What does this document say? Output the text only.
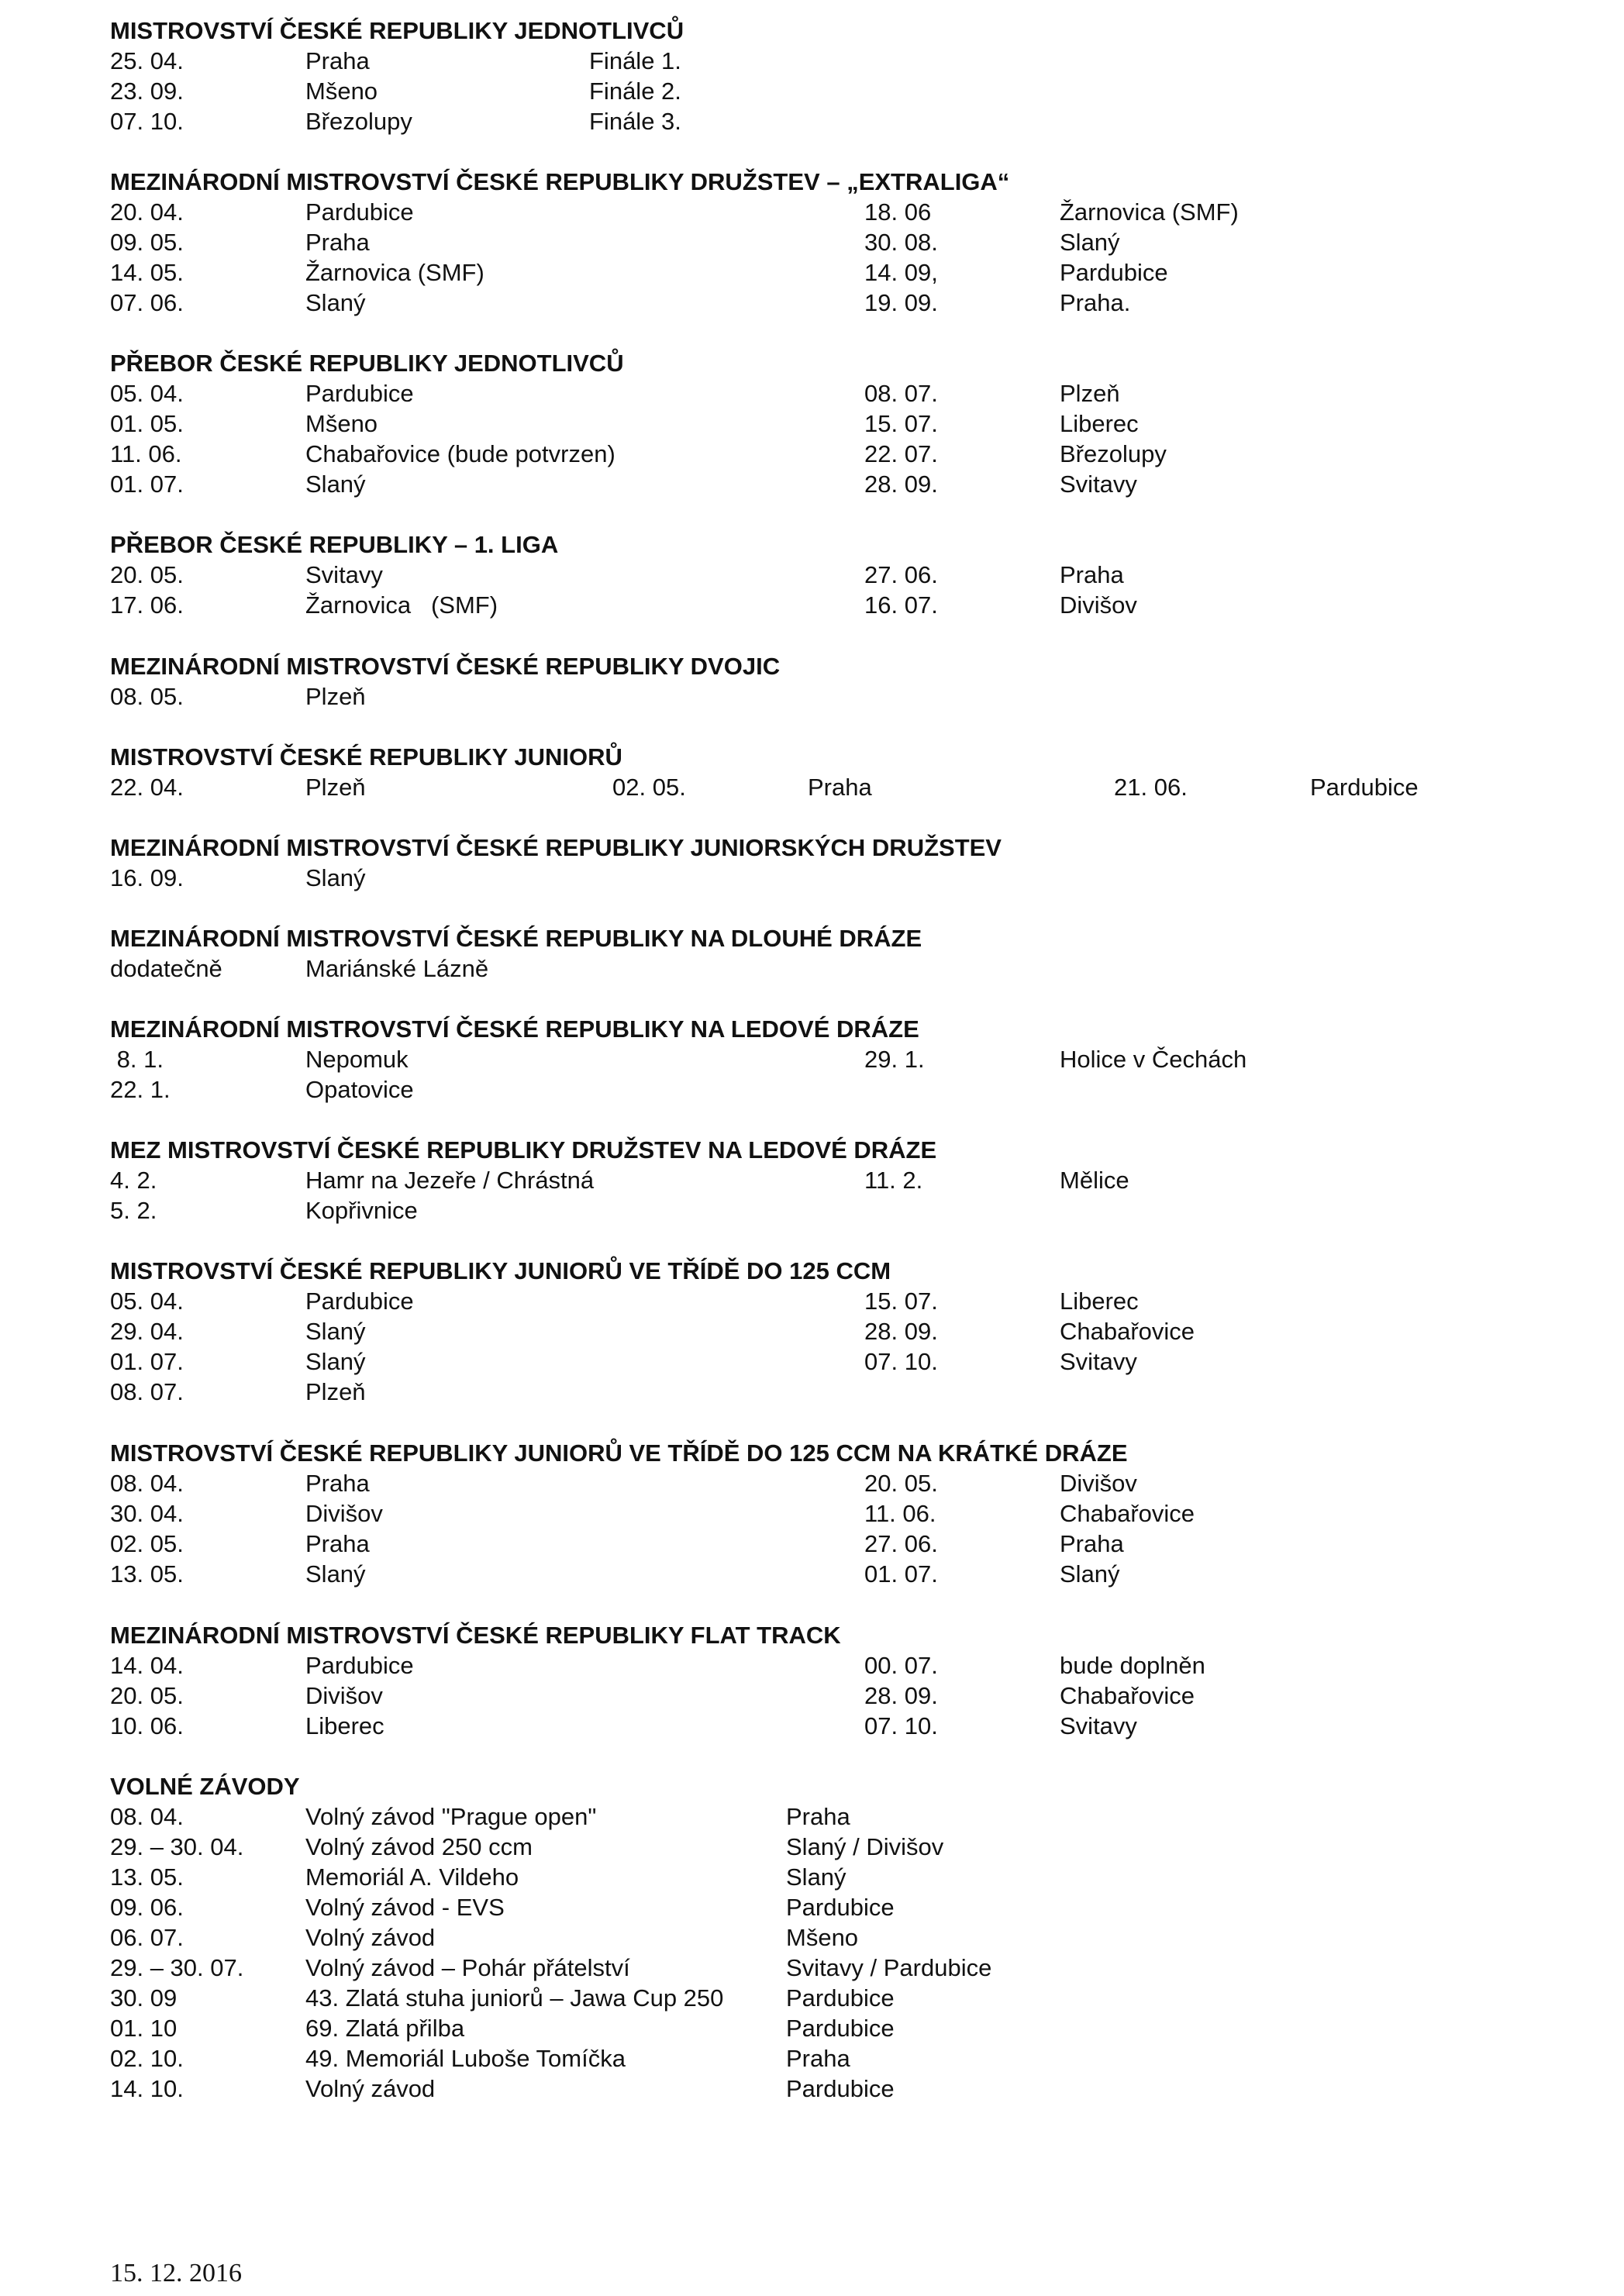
MISTROVSTVÍ ČESKÉ REPUBLIKY JEDNOTLIVCŮ
25. 04.	Praha	Finále 1.
23. 09.	Mšeno	Finále 2.
07. 10.	Březolupy	Finále 3.
MEZINÁRODNÍ MISTROVSTVÍ ČESKÉ REPUBLIKY DRUŽSTEV – „EXTRALIGA“
20. 04.	Pardubice	18. 06	Žarnovica (SMF)
09. 05.	Praha	30. 08.	Slaný
14. 05.	Žarnovica (SMF)	14. 09,	Pardubice
07. 06.	Slaný	19. 09.	Praha.
PŘEBOR ČESKÉ REPUBLIKY JEDNOTLIVCŮ
05. 04.	Pardubice	08. 07.	Plzeň
01. 05.	Mšeno	15. 07.	Liberec
11. 06.	Chabařovice (bude potvrzen)	22. 07.	Březolupy
01. 07.	Slaný	28. 09.	Svitavy
PŘEBOR ČESKÉ REPUBLIKY – 1. LIGA
20. 05.	Svitavy	27. 06.	Praha
17. 06.	Žarnovica   (SMF)	16. 07.	Divišov
MEZINÁRODNÍ MISTROVSTVÍ ČESKÉ REPUBLIKY DVOJIC
08. 05.	Plzeň
MISTROVSTVÍ ČESKÉ REPUBLIKY JUNIORŮ
22. 04.	Plzeň	02. 05.	Praha	21. 06.	Pardubice
MEZINÁRODNÍ MISTROVSTVÍ ČESKÉ REPUBLIKY JUNIORSKÝCH DRUŽSTEV
16. 09.	Slaný
MEZINÁRODNÍ MISTROVSTVÍ ČESKÉ REPUBLIKY NA DLOUHÉ DRÁZE
dodatečně	Mariánské Lázně
MEZINÁRODNÍ MISTROVSTVÍ ČESKÉ REPUBLIKY NA LEDOVÉ DRÁZE
8. 1.	Nepomuk	29. 1.	Holice v Čechách
22. 1.	Opatovice
MEZ MISTROVSTVÍ ČESKÉ REPUBLIKY DRUŽSTEV NA LEDOVÉ DRÁZE
4. 2.	Hamr na Jezeře / Chrástná	11. 2.	Mělice
5. 2.	Kopřivnice
MISTROVSTVÍ ČESKÉ REPUBLIKY JUNIORŮ VE TŘÍDĚ DO 125 CCM
05. 04.	Pardubice	15. 07.	Liberec
29. 04.	Slaný	28. 09.	Chabařovice
01. 07.	Slaný	07. 10.	Svitavy
08. 07.	Plzeň
MISTROVSTVÍ ČESKÉ REPUBLIKY JUNIORŮ VE TŘÍDĚ DO 125 CCM NA KRÁTKÉ DRÁZE
08. 04.	Praha	20. 05.	Divišov
30. 04.	Divišov	11. 06.	Chabařovice
02. 05.	Praha	27. 06.	Praha
13. 05.	Slaný	01. 07.	Slaný
MEZINÁRODNÍ MISTROVSTVÍ ČESKÉ REPUBLIKY FLAT TRACK
14. 04.	Pardubice	00. 07.	bude doplněn
20. 05.	Divišov	28. 09.	Chabařovice
10. 06.	Liberec	07. 10.	Svitavy
VOLNÉ ZÁVODY
08. 04.	Volný závod "Prague open"	Praha
29. – 30. 04.	Volný závod 250 ccm	Slaný / Divišov
13. 05.	Memoriál A. Vildeho	Slaný
09. 06.	Volný závod - EVS	Pardubice
06. 07.	Volný závod	Mšeno
29. – 30. 07.	Volný závod – Pohár přátelství	Svitavy / Pardubice
30. 09	43. Zlatá stuha juniorů – Jawa Cup 250	Pardubice
01. 10	69. Zlatá přilba	Pardubice
02. 10.	49. Memoriál Luboše Tomíčka	Praha
14. 10.	Volný závod	Pardubice
15. 12. 2016
